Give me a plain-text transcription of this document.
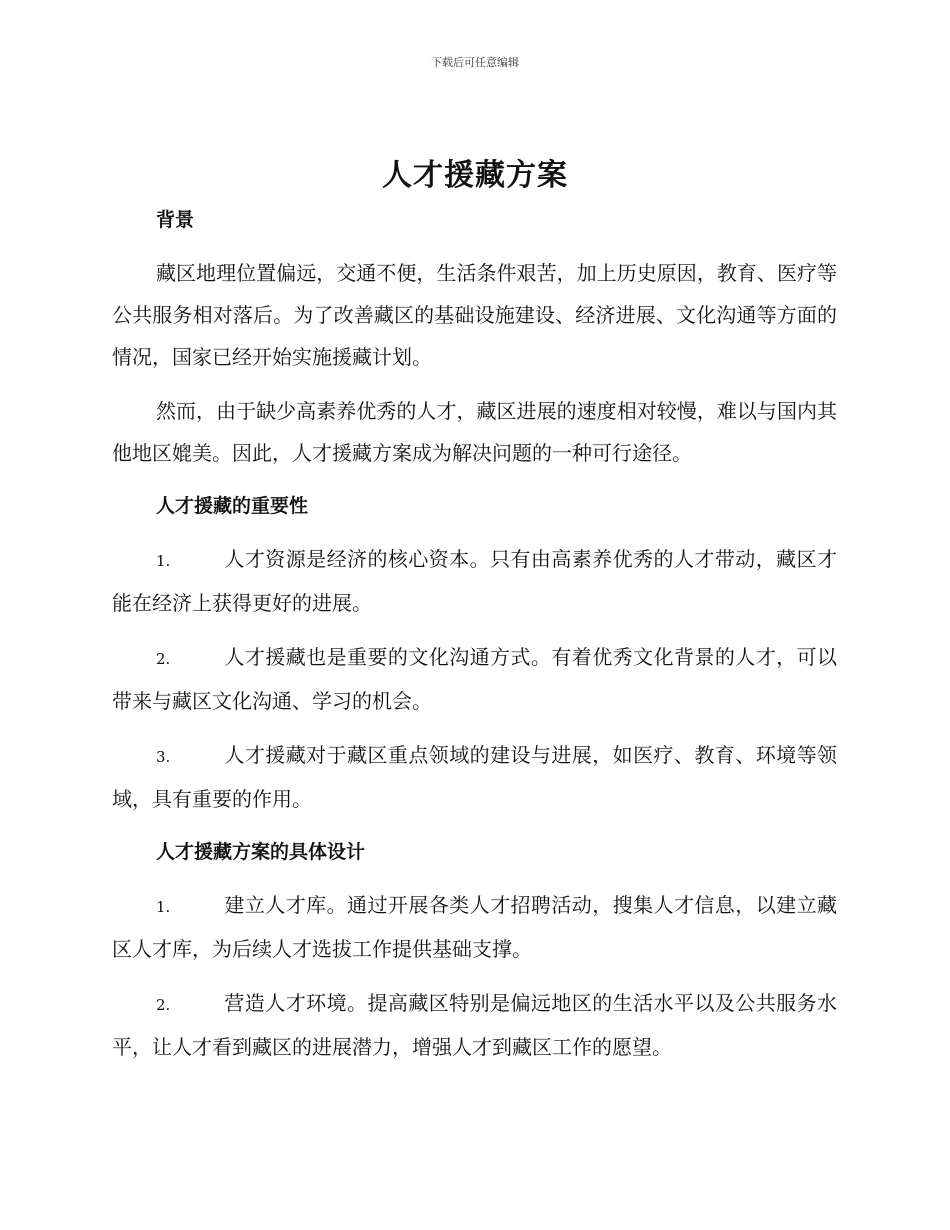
下载后可任意编辑
人才援藏方案
背景

藏区地理位置偏远，交通不便，生活条件艰苦，加上历史原因，教育、医疗等公共服务相对落后。为了改善藏区的基础设施建设、经济进展、文化沟通等方面的情况，国家已经开始实施援藏计划。

然而，由于缺少高素养优秀的人才，藏区进展的速度相对较慢，难以与国内其他地区媲美。因此，人才援藏方案成为解决问题的一种可行途径。

人才援藏的重要性

1.	人才资源是经济的核心资本。只有由高素养优秀的人才带动，藏区才能在经济上获得更好的进展。

2.	人才援藏也是重要的文化沟通方式。有着优秀文化背景的人才，可以带来与藏区文化沟通、学习的机会。

3.	人才援藏对于藏区重点领域的建设与进展，如医疗、教育、环境等领域，具有重要的作用。

人才援藏方案的具体设计

1.	建立人才库。通过开展各类人才招聘活动，搜集人才信息，以建立藏区人才库，为后续人才选拔工作提供基础支撑。

2.	营造人才环境。提高藏区特别是偏远地区的生活水平以及公共服务水平，让人才看到藏区的进展潜力，增强人才到藏区工作的愿望。
